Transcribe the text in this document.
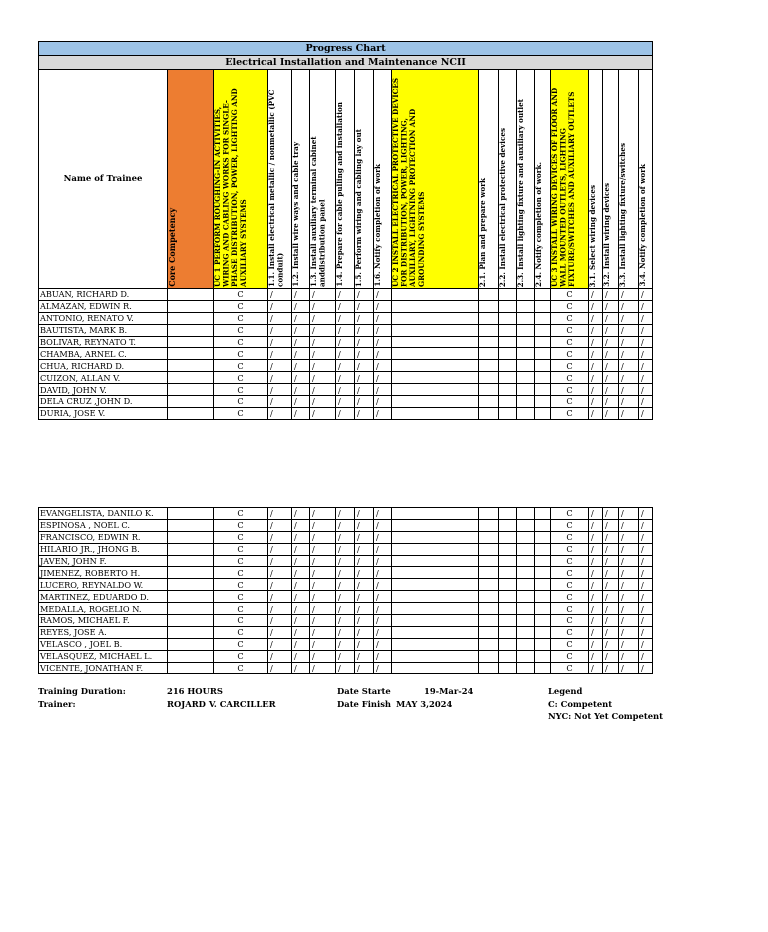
Progress Chart																		
Electrical Installation and Maintenance NCII																		
Name of Trainee	Core Competency	UC 1 PERFORM ROUGHING-IN ACTIVITIES, WIRING AND CABLING WORKS FOR SINGLE-PHASE DISTRIBUTION, POWER, LIGHTING AND AUXILIARY SYSTEMS	1.1. Install electrical metallic / nonmetallic (PVC conduit)	1.2. Install wire ways and cable tray	1.3. Install auxiliary terminal cabinet anddistribution panel	1.4. Prepare for cable pulling and installation	1.5. Perform wiring and cabling lay out	1.6. Notify completion of work	UC 2 INSTALL ELECTRICAL PROTECTIVE DEVICES FOR DISTRIBUTION, POWER, LIGHTING, AUXILIARY, LIGHTNING PROTECTION AND GROUNDING SYSTEMS	2.1. Plan and prepare work	2.2. Install electrical protective devices	2.3. Install lighting fixture and auxiliary outlet	2.4. Notify completion of work.	UC 3 INSTALL WIRING DEVICES OF FLOOR AND WALL MOUNTED OUTLETS, LIGHTING FIXTURE/SWITCHES AND AUXILIARY OUTLETS	3.1. Select wiring devices	3.2. Install wiring devices	3.3. Install lighting fixture/switches	3.4. Notify completion of work

ABUAN, RICHARD D.		C	/	/	/	/	/	/						C	/	/	/	/
ALMAZAN, EDWIN R.		C	/	/	/	/	/	/						C	/	/	/	/
ANTONIO, RENATO V.		C	/	/	/	/	/	/						C	/	/	/	/
BAUTISTA, MARK B.		C	/	/	/	/	/	/						C	/	/	/	/
BOLIVAR, REYNATO T.		C	/	/	/	/	/	/						C	/	/	/	/
CHAMBA, ARNEL C.		C	/	/	/	/	/	/						C	/	/	/	/
CHUA, RICHARD D.		C	/	/	/	/	/	/						C	/	/	/	/
CUIZON, ALLAN V.		C	/	/	/	/	/	/						C	/	/	/	/
DAVID, JOHN V.		C	/	/	/	/	/	/						C	/	/	/	/
DELA CRUZ ,JOHN D.		C	/	/	/	/	/	/						C	/	/	/	/
DURIA, JOSE V.		C	/	/	/	/	/	/						C	/	/	/	/
EVANGELISTA, DANILO K.		C	/	/	/	/	/	/						C	/	/	/	/
ESPINOSA , NOEL C.		C	/	/	/	/	/	/						C	/	/	/	/
FRANCISCO, EDWIN R.		C	/	/	/	/	/	/						C	/	/	/	/
HILARIO JR., JHONG B.		C	/	/	/	/	/	/						C	/	/	/	/
JAVEN, JOHN F.		C	/	/	/	/	/	/						C	/	/	/	/
JIMENEZ, ROBERTO H.		C	/	/	/	/	/	/						C	/	/	/	/
LUCERO, REYNALDO W.		C	/	/	/	/	/	/						C	/	/	/	/
MARTINEZ, EDUARDO D.		C	/	/	/	/	/	/						C	/	/	/	/
MEDALLA, ROGELIO N.		C	/	/	/	/	/	/						C	/	/	/	/
RAMOS, MICHAEL F.		C	/	/	/	/	/	/						C	/	/	/	/
REYES, JOSE A.		C	/	/	/	/	/	/						C	/	/	/	/
VELASCO , JOEL B.		C	/	/	/	/	/	/						C	/	/	/	/
VELASQUEZ, MICHAEL L.		C	/	/	/	/	/	/						C	/	/	/	/
VICENTE, JONATHAN F.		C	/	/	/	/	/	/						C	/	/	/	/
Training Duration:	216 HOURS
Trainer:	ROJARD V. CARCILLER
Date Starte	19-Mar-24
Date Finish MAY 3,2024
Legend
C: Competent
NYC: Not Yet Competent
